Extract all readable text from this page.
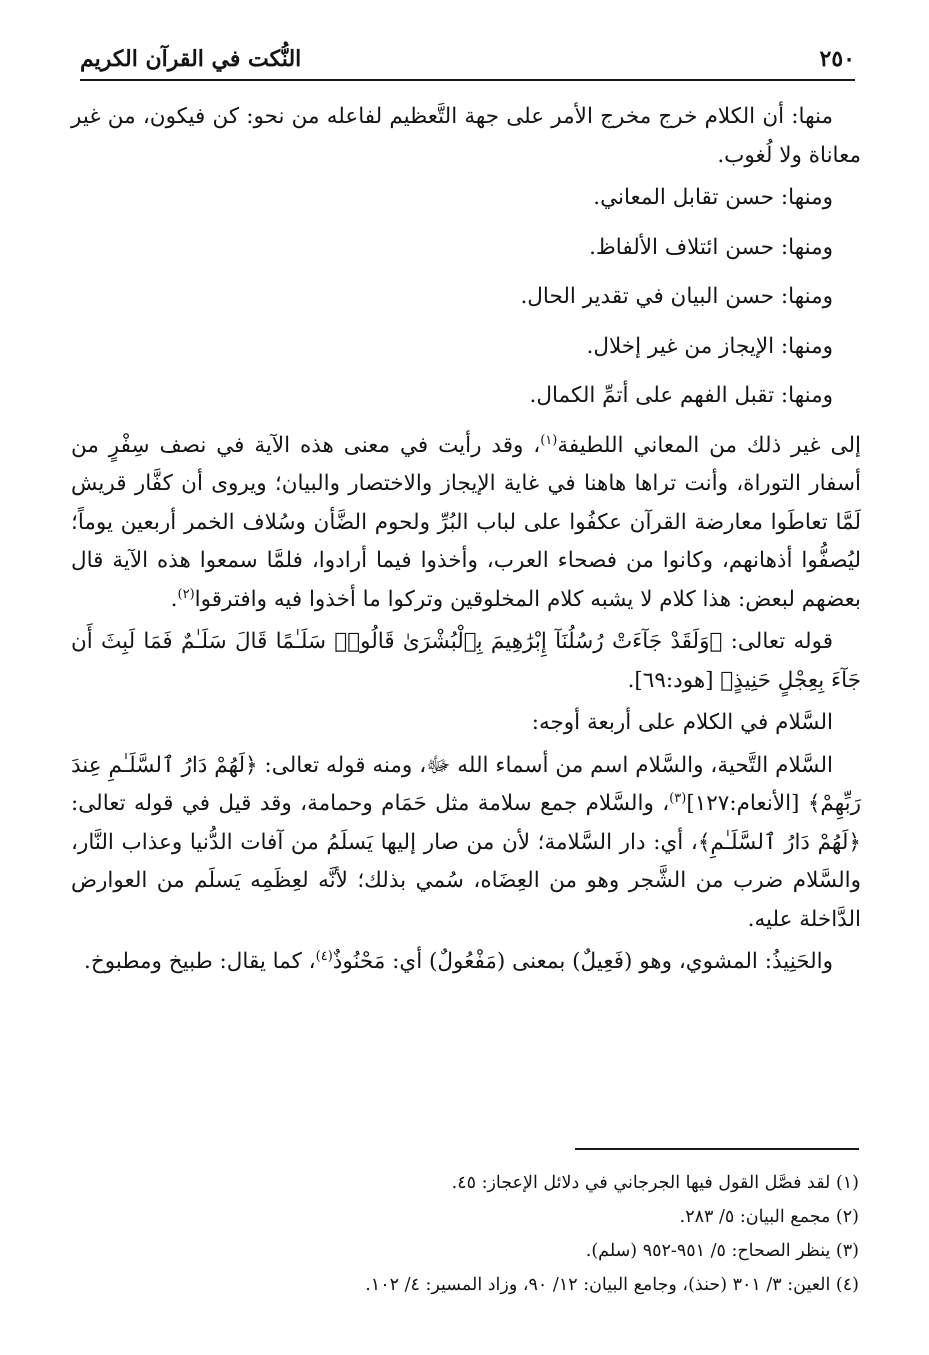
٢٥٠
النُّكت في القرآن الكريم

منها: أن الكلام خرج مخرج الأمر على جهة التَّعظيم لفاعله من نحو: كن فيكون، من غير معاناة ولا لُغوب.

ومنها: حسن تقابل المعاني.

ومنها: حسن ائتلاف الألفاظ.

ومنها: حسن البيان في تقدير الحال.

ومنها: الإيجاز من غير إخلال.

ومنها: تقبل الفهم على أتمِّ الكمال.

إلى غير ذلك من المعاني اللطيفة$^{(١)}$، وقد رأيت في معنى هذه الآية في نصف سِفْرٍ من أسفار التوراة، وأنت تراها هاهنا في غاية الإيجاز والاختصار والبيان؛ ويروى أن كفَّار قريش لَمَّا تعاطَوا معارضة القرآن عكفُوا على لباب البُرِّ ولحوم الضَّأن وسُلاف الخمر أربعين يوماً؛ ليُصفُّوا أذهانهم، وكانوا من فصحاء العرب، وأخذوا فيما أرادوا، فلمَّا سمعوا هذه الآية قال بعضهم لبعض: هذا كلام لا يشبه كلام المخلوقين وتركوا ما أخذوا فيه وافترقوا$^{(٢)}$.

قوله تعالى: ﴿وَلَقَدْ جَآءَتْ رُسُلُنَآ إِبْرَٰهِيمَ بِٱلْبُشْرَىٰ قَالُوا۟ سَلَـٰمًا قَالَ سَلَـٰمٌ فَمَا لَبِثَ أَن جَآءَ بِعِجْلٍ حَنِيذٍ﴾ [هود:٦٩].

السَّلام في الكلام على أربعة أوجه:

السَّلام التَّحية، والسَّلام اسم من أسماء الله ﷻ، ومنه قوله تعالى: ﴿لَهُمْ دَارُ ٱلسَّلَـٰمِ عِندَ رَبِّهِمْ﴾ [الأنعام:١٢٧]$^{(٣)}$، والسَّلام جمع سلامة مثل حَمَام وحمامة، وقد قيل في قوله تعالى: ﴿لَهُمْ دَارُ ٱلسَّلَـٰمِ﴾، أي: دار السَّلامة؛ لأن من صار إليها يَسلَمُ من آفات الدُّنيا وعذاب النَّار، والسَّلام ضرب من الشَّجر وهو من العِضَاه، سُمي بذلك؛ لأنَّه لعِظَمِه يَسلَم من العوارض الدَّاخلة عليه.

والحَنِيذُ: المشوي، وهو (فَعِيلٌ) بمعنى (مَفْعُولٌ) أي: مَحْنُوذٌ$^{(٤)}$، كما يقال: طبيخ ومطبوخ.

(١) لقد فصَّل القول فيها الجرجاني في دلائل الإعجاز: ٤٥.
(٢) مجمع البيان: ٥/ ٢٨٣.
(٣) ينظر الصحاح: ٥/ ٩٥١-٩٥٢ (سلم).
(٤) العين: ٣/ ٣٠١ (حنذ)، وجامع البيان: ١٢/ ٩٠، وزاد المسير: ٤/ ١٠٢.
